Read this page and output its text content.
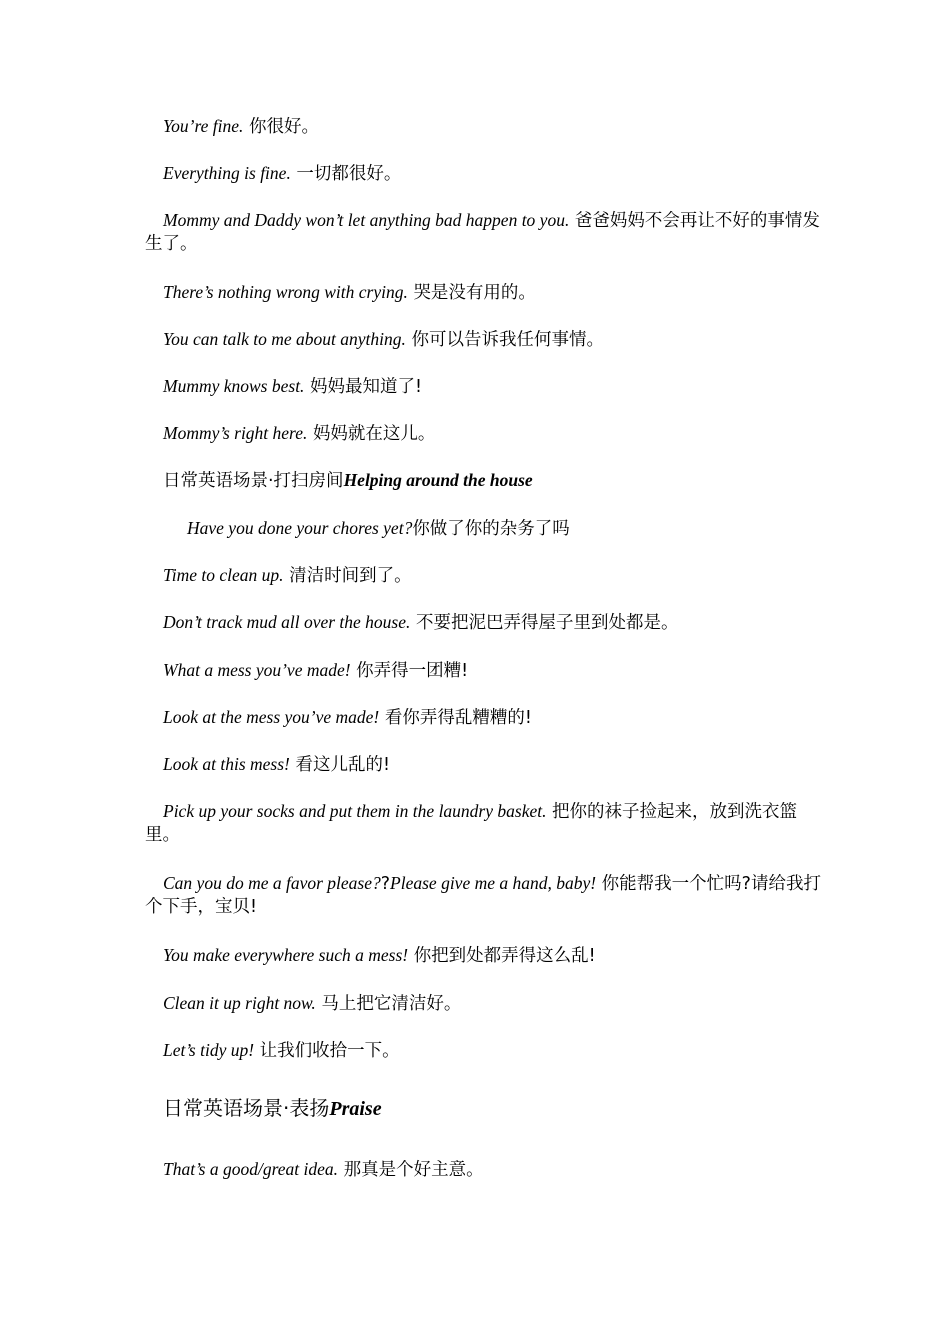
You’re fine. 你很好。
Everything is fine. 一切都很好。
Mommy and Daddy won’t let anything bad happen to you. 爸爸妈妈不会再让不好的事情发生了。
There’s nothing wrong with crying. 哭是没有用的。
You can talk to me about anything. 你可以告诉我任何事情。
Mummy knows best. 妈妈最知道了!
Mommy’s right here. 妈妈就在这儿。
日常英语场景·打扫房间Helping around the house
Have you done your chores yet?你做了你的杂务了吗
Time to clean up. 清洁时间到了。
Don’t track mud all over the house. 不要把泥巴弄得屋子里到处都是。
What a mess you’ve made! 你弄得一团糟!
Look at the mess you’ve made! 看你弄得乱糟糟的!
Look at this mess! 看这儿乱的!
Pick up your socks and put them in the laundry basket. 把你的袜子捡起来，放到洗衣篮里。
Can you do me a favor please??Please give me a hand, baby! 你能帮我一个忙吗?请给我打个下手，宝贝!
You make everywhere such a mess! 你把到处都弄得这么乱!
Clean it up right now. 马上把它清洁好。
Let’s tidy up! 让我们收拾一下。
日常英语场景·表扬Praise
That’s a good/great idea. 那真是个好主意。
